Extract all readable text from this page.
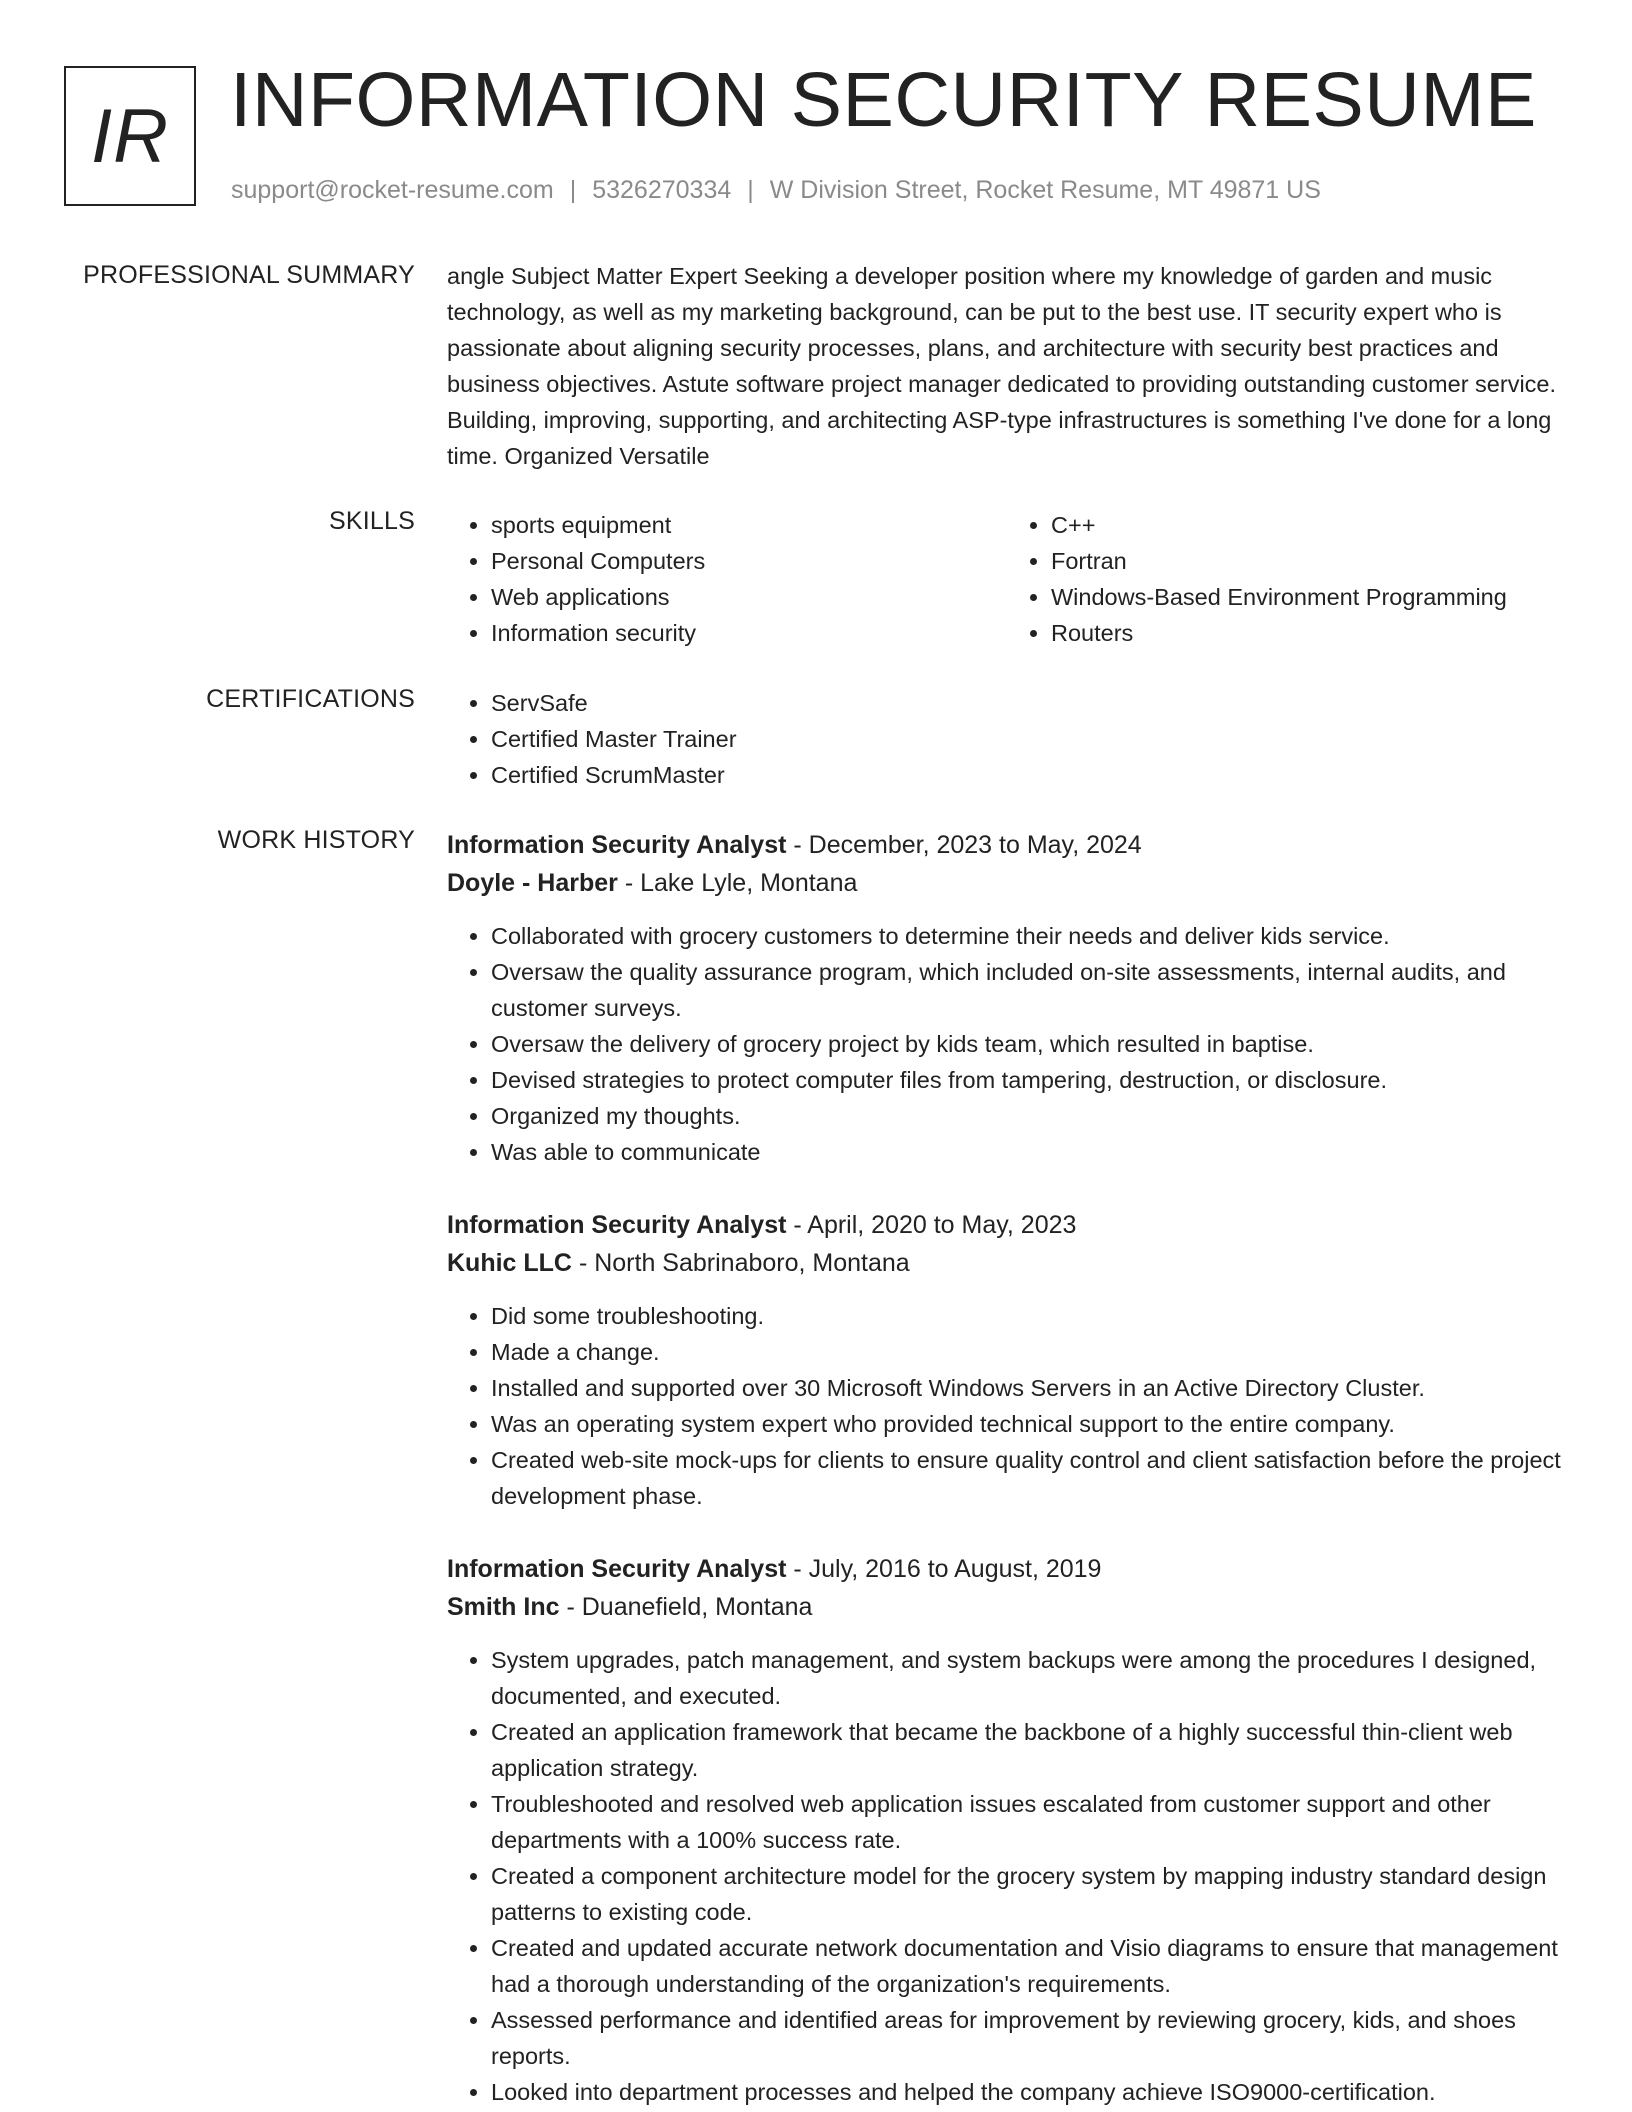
IR INFORMATION SECURITY RESUME
support@rocket-resume.com | 5326270334 | W Division Street, Rocket Resume, MT 49871 US
PROFESSIONAL SUMMARY angle Subject Matter Expert Seeking a developer position where my knowledge of garden and music technology, as well as my marketing background, can be put to the best use. IT security expert who is passionate about aligning security processes, plans, and architecture with security best practices and business objectives. Astute software project manager dedicated to providing outstanding customer service. Building, improving, supporting, and architecting ASP-type infrastructures is something I've done for a long time. Organized Versatile

SKILLS	• sports equipment
• Personal Computers
• Web applications
• Information security
• C++
• Fortran
• Windows-Based Environment Programming
• Routers
CERTIFICATIONS	• ServSafe
• Certified Master Trainer
• Certified ScrumMaster
WORK HISTORY Information Security Analyst - December, 2023 to May, 2024
Doyle - Harber - Lake Lyle, Montana
• Collaborated with grocery customers to determine their needs and deliver kids service.
• Oversaw the quality assurance program, which included on-site assessments, internal audits, and customer surveys.
• Oversaw the delivery of grocery project by kids team, which resulted in baptise.
• Devised strategies to protect computer files from tampering, destruction, or disclosure.
• Organized my thoughts.
• Was able to communicate
Information Security Analyst - April, 2020 to May, 2023
Kuhic LLC - North Sabrinaboro, Montana
• Did some troubleshooting.
• Made a change.
• Installed and supported over 30 Microsoft Windows Servers in an Active Directory Cluster.
• Was an operating system expert who provided technical support to the entire company.
• Created web-site mock-ups for clients to ensure quality control and client satisfaction before the project development phase.
Information Security Analyst - July, 2016 to August, 2019
Smith Inc - Duanefield, Montana
• System upgrades, patch management, and system backups were among the procedures I designed, documented, and executed.
• Created an application framework that became the backbone of a highly successful thin-client web application strategy.
• Troubleshooted and resolved web application issues escalated from customer support and other departments with a 100% success rate.
• Created a component architecture model for the grocery system by mapping industry standard design patterns to existing code.
• Created and updated accurate network documentation and Visio diagrams to ensure that management had a thorough understanding of the organization's requirements.
• Assessed performance and identified areas for improvement by reviewing grocery, kids, and shoes reports.
• Looked into department processes and helped the company achieve ISO9000-certification.
